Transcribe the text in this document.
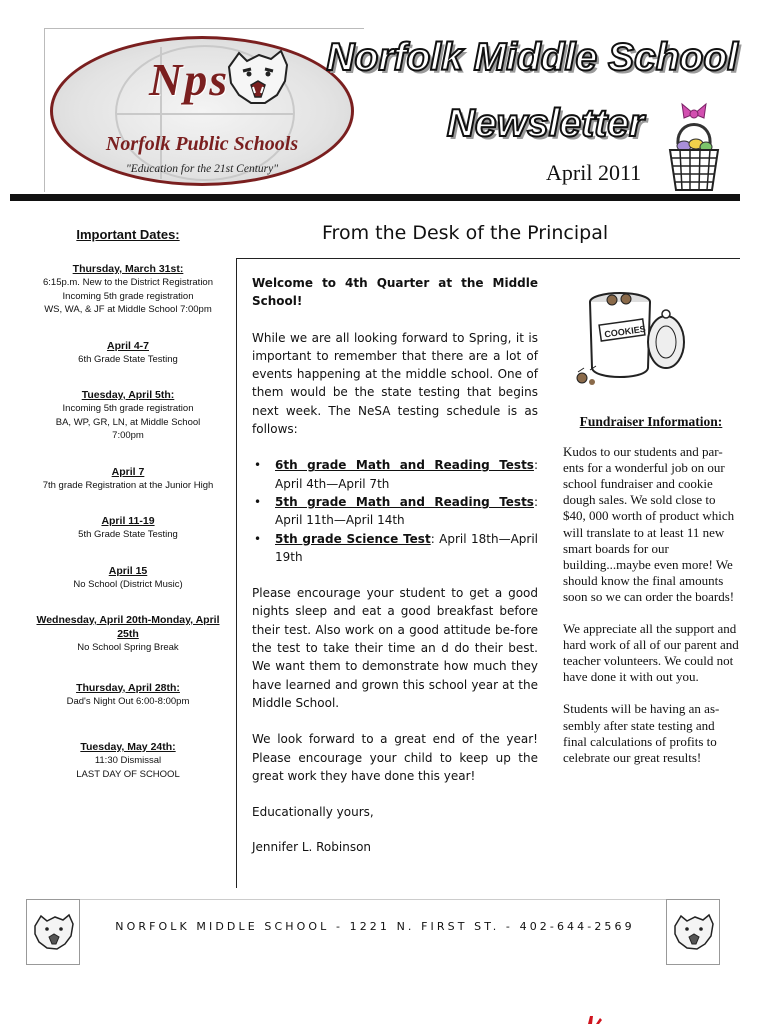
Nps
Norfolk Public Schools
"Education for the 21st Century"
Norfolk Middle School
Newsletter
April 2011
Important Dates:
Thursday, March 31st:
6:15p.m. New to the District Registration
Incoming 5th grade registration
WS, WA, & JF at Middle School 7:00pm
April 4-7
6th Grade State Testing
Tuesday, April 5th:
Incoming 5th grade registration
BA, WP, GR, LN, at Middle School
7:00pm
April 7
7th grade Registration at the Junior High
April 11-19
5th Grade State Testing
April 15
No School (District Music)
Wednesday, April 20th-Monday, April 25th
No School Spring Break
Thursday, April 28th:
Dad's Night Out 6:00-8:00pm
Tuesday, May 24th:
11:30 Dismissal
LAST DAY OF SCHOOL
From the Desk of the Principal

Welcome to 4th Quarter at the Middle School!

While we are all looking forward to Spring, it is important to remember that there are a lot of events happening at the middle school. One of them would be the state testing that begins next week. The NeSA testing schedule is as follows:

• 6th grade Math and Reading Tests: April 4th—April 7th
• 5th grade Math and Reading Tests: April 11th—April 14th
• 5th grade Science Test: April 18th—April 19th

Please encourage your student to get a good nights sleep and eat a good breakfast before their test. Also work on a good attitude be-fore the test to take their time an d do their best. We want them to demonstrate how much they have learned and grown this school year at the Middle School.

We look forward to a great end of the year! Please encourage your child to keep up the great work they have done this year!

Educationally yours,

Jennifer L. Robinson

COOKIES
Fundraiser Information:

Kudos to our students and par-ents for a wonderful job on our school fundraiser and cookie dough sales. We sold close to $40, 000 worth of product which will translate to at least 11 new smart boards for our building...maybe even more! We should know the final amounts soon so we can order the boards!

We appreciate all the support and hard work of all of our parent and teacher volunteers. We could not have done it with out you.

Students will be having an as-sembly after state testing and final calculations of profits to celebrate our great results!

NORFOLK MIDDLE SCHOOL - 1221 N. FIRST ST. - 402-644-2569
